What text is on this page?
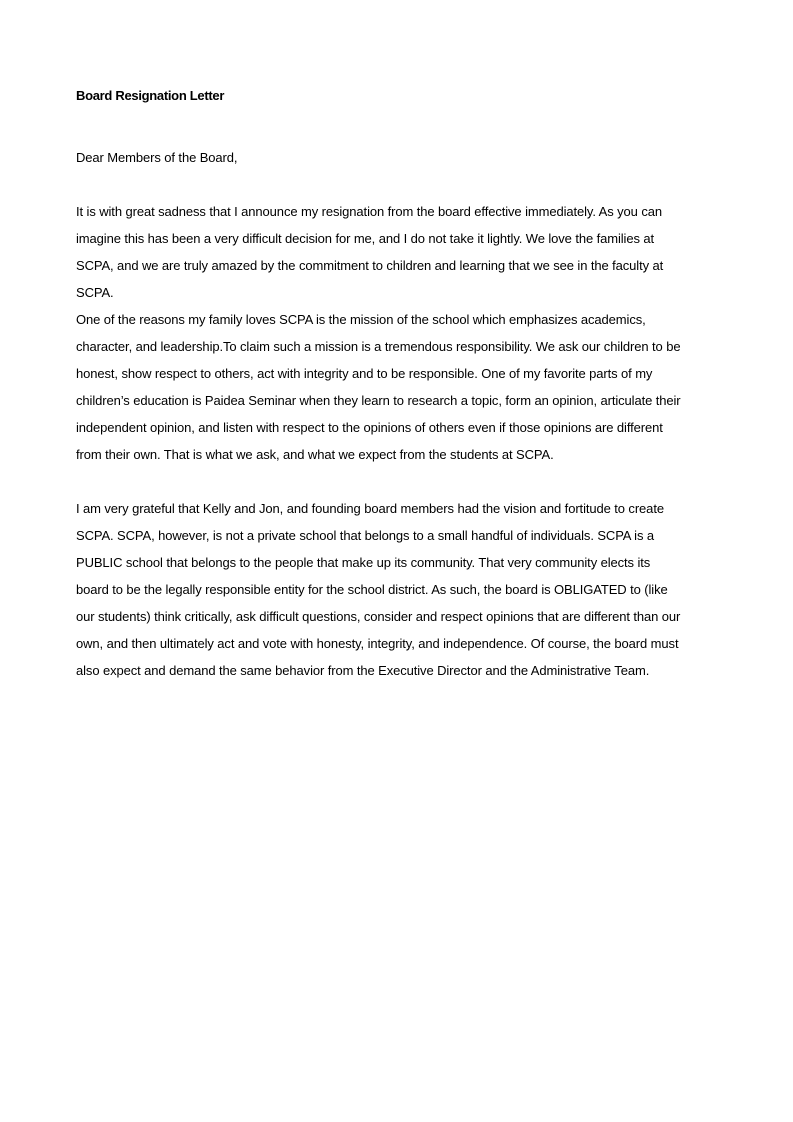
Board Resignation Letter
Dear Members of the Board,
It is with great sadness that I announce my resignation from the board effective immediately. As you can
imagine this has been a very difficult decision for me, and I do not take it lightly. We love the families at
SCPA, and we are truly amazed by the commitment to children and learning that we see in the faculty at
SCPA.
One of the reasons my family loves SCPA is the mission of the school which emphasizes academics,
character, and leadership.To claim such a mission is a tremendous responsibility. We ask our children to be
honest, show respect to others, act with integrity and to be responsible. One of my favorite parts of my
children’s education is Paidea Seminar when they learn to research a topic, form an opinion, articulate their
independent opinion, and listen with respect to the opinions of others even if those opinions are different
from their own. That is what we ask, and what we expect from the students at SCPA.
I am very grateful that Kelly and Jon, and founding board members had the vision and fortitude to create
SCPA. SCPA, however, is not a private school that belongs to a small handful of individuals. SCPA is a
PUBLIC school that belongs to the people that make up its community. That very community elects its
board to be the legally responsible entity for the school district. As such, the board is OBLIGATED to (like
our students) think critically, ask difficult questions, consider and respect opinions that are different than our
own, and then ultimately act and vote with honesty, integrity, and independence. Of course, the board must
also expect and demand the same behavior from the Executive Director and the Administrative Team.
